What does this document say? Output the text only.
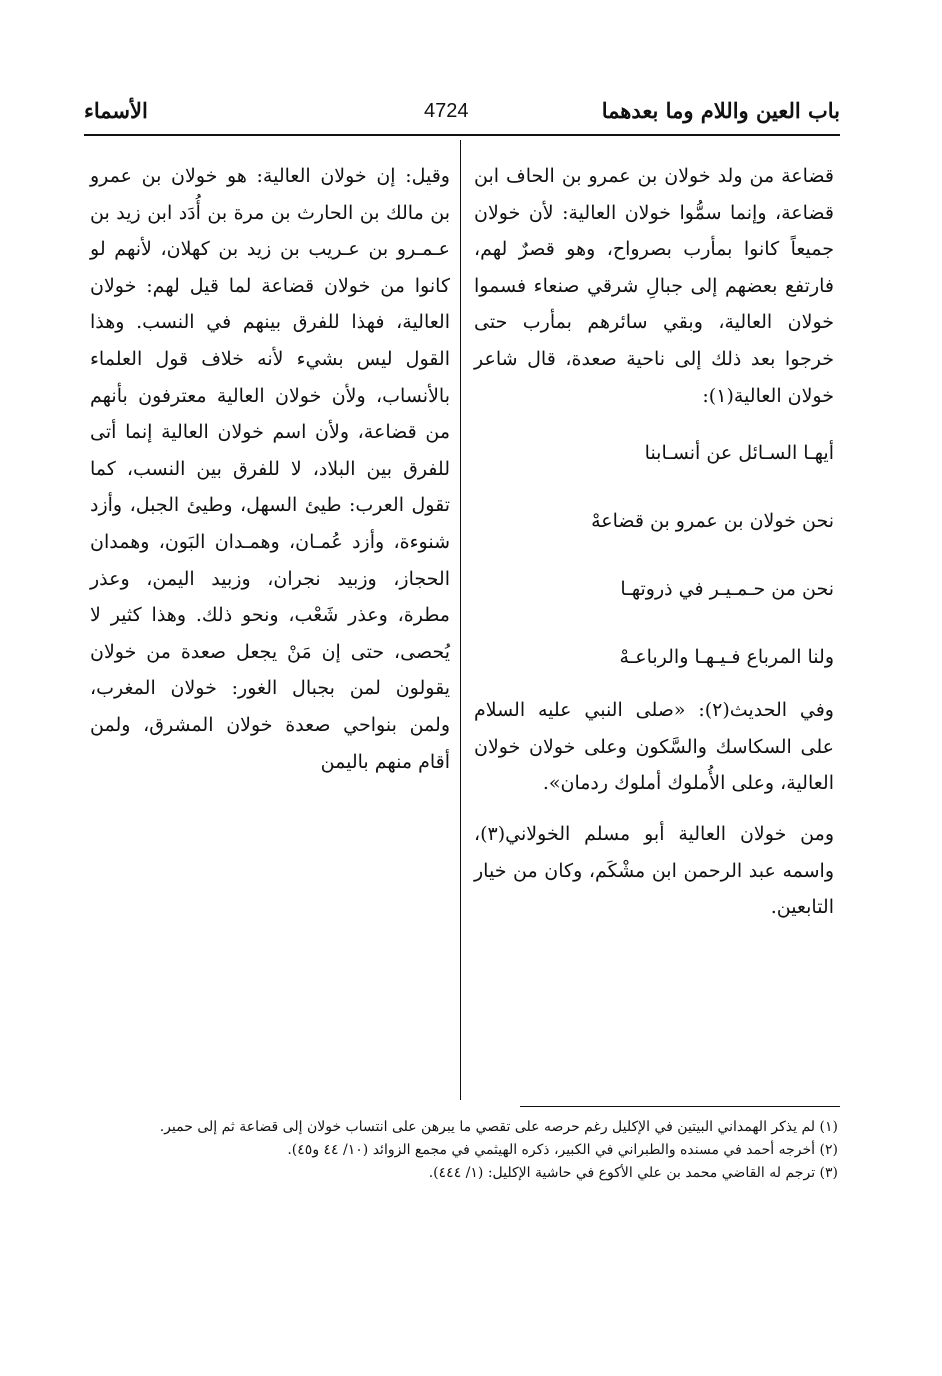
باب العين واللام وما بعدهما
4724
الأسماء

قضاعة من ولد خولان بن عمرو بن الحاف ابن قضاعة، وإنما سمُّوا خولان العالية: لأن خولان جميعاً كانوا بمأرب بصرواح، وهو قصرٌ لهم، فارتفع بعضهم إلى جبالِ شرقي صنعاء فسموا خولان العالية، وبقي سائرهم بمأرب حتى خرجوا بعد ذلك إلى ناحية صعدة، قال شاعر خولان العالية(١):

أيهـا السـائل عن أنسـابنا

نحن خولان بن عمرو بن قضاعهْ

نحن من حـمـيـر في ذروتهـا

ولنا المرباع فـيـهـا والرباعـهْ

وفي الحديث(٢): «صلى النبي عليه السلام على السكاسك والسَّكون وعلى خولان خولان العالية، وعلى الأُملوك أملوك ردمان».

ومن خولان العالية أبو مسلم الخولاني(٣)، واسمه عبد الرحمن ابن مشْكَم، وكان من خيار التابعين.

وقيل: إن خولان العالية: هو خولان بن عمرو بن مالك بن الحارث بن مرة بن أُدَد ابن زيد بن عـمـرو بن عـريب بن زيد بن كهلان، لأنهم لو كانوا من خولان قضاعة لما قيل لهم: خولان العالية، فهذا للفرق بينهم في النسب. وهذا القول ليس بشيء لأنه خلاف قول العلماء بالأنساب، ولأن خولان العالية معترفون بأنهم من قضاعة، ولأن اسم خولان العالية إنما أتى للفرق بين البلاد، لا للفرق بين النسب، كما تقول العرب: طيئ السهل، وطيئ الجبل، وأزد شنوءة، وأزد عُمـان، وهمـدان البَون، وهمدان الحجاز، وزبيد نجران، وزبيد اليمن، وعذر مطرة، وعذر شَعْب، ونحو ذلك. وهذا كثير لا يُحصى، حتى إن مَنْ يجعل صعدة من خولان يقولون لمن بجبال الغور: خولان المغرب، ولمن بنواحي صعدة خولان المشرق، ولمن أقام منهم باليمن

(١) لم يذكر الهمداني البيتين في الإكليل رغم حرصه على تقصي ما يبرهن على انتساب خولان إلى قضاعة ثم إلى حمير.

(٢) أخرجه أحمد في مسنده والطبراني في الكبير، ذكره الهيثمي في مجمع الزوائد (١٠/ ٤٤ و٤٥).

(٣) ترجم له القاضي محمد بن علي الأكوع في حاشية الإكليل: (١/ ٤٤٤).
